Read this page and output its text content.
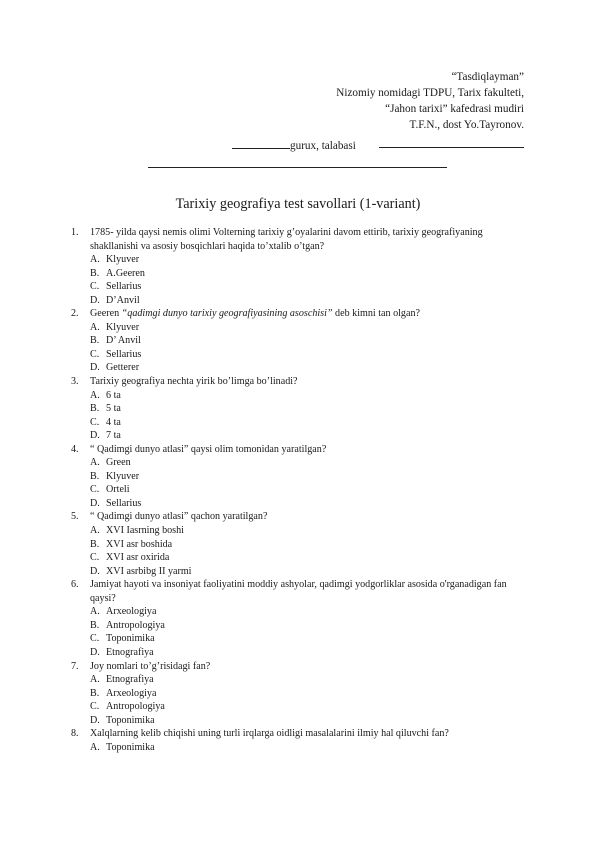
“Tasdiqlayman”
Nizomiy nomidagi TDPU, Tarix fakulteti,
“Jahon tarixi” kafedrasi mudiri
T.F.N., dost Yo.Tayronov.
gurux, talabasi
Tarixiy geografiya test savollari (1-variant)
1.	1785- yilda qaysi nemis olimi Volterning tarixiy g’oyalarini davom ettirib, tarixiy geografiyaning shakllanishi va asosiy bosqichlari haqida to’xtalib o’tgan?
A. Klyuver
B. A.Geeren
C. Sellarius
D. D’Anvil
2.	Geeren “qadimgi dunyo tarixiy geografiyasining asoschisi” deb kimni tan olgan?
A. Klyuver
B. D’ Anvil
C. Sellarius
D. Getterer
3.	Tarixiy geografiya nechta yirik bo’limga bo’linadi?
A. 6 ta
B. 5 ta
C. 4 ta
D. 7 ta
4.	“ Qadimgi dunyo atlasi” qaysi olim tomonidan yaratilgan?
A. Green
B. Klyuver
C. Orteli
D. Sellarius
5.	“ Qadimgi dunyo atlasi” qachon yaratilgan?
A. XVI Iasrning boshi
B. XVI asr boshida
C. XVI asr oxirida
D. XVI asrbibg II yarmi
6.	Jamiyat hayoti va insoniyat faoliyatini moddiy ashyolar, qadimgi yodgorliklar asosida o'rganadigan fan qaysi?
A. Arxeologiya
B. Antropologiya
C. Toponimika
D. Etnografiya
7.	Joy nomlari to’g’risidagi fan?
A. Etnografiya
B. Arxeologiya
C. Antropologiya
D. Toponimika
8.	Xalqlarning kelib chiqishi uning turli irqlarga oidligi masalalarini ilmiy hal qiluvchi fan?
A. Toponimika
